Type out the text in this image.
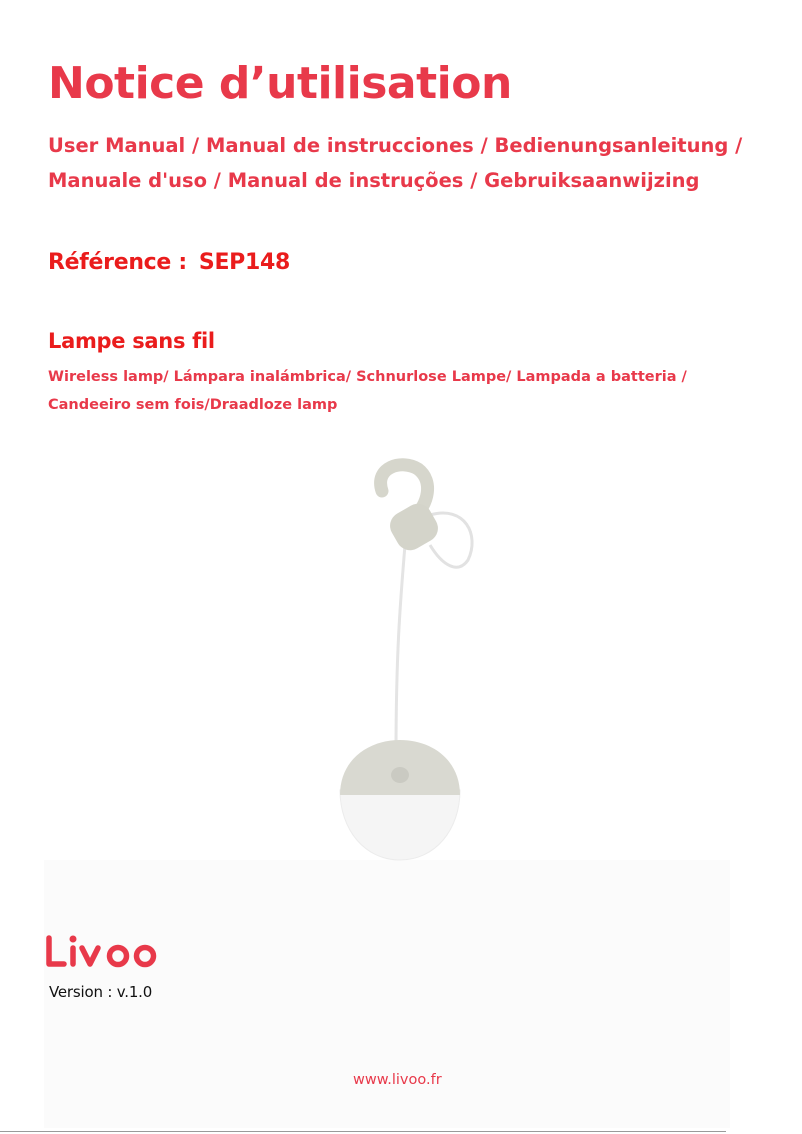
Notice d’utilisation

User Manual / Manual de instrucciones / Bedienungsanleitung /
Manuale d'uso / Manual de instruções / Gebruiksaanwijzing

Référence : SEP148

Lampe sans fil

Wireless lamp/ Lámpara inalámbrica/ Schnurlose Lampe/ Lampada a batteria /
Candeeiro sem fois/Draadloze lamp

Version : v.1.0

www.livoo.fr
